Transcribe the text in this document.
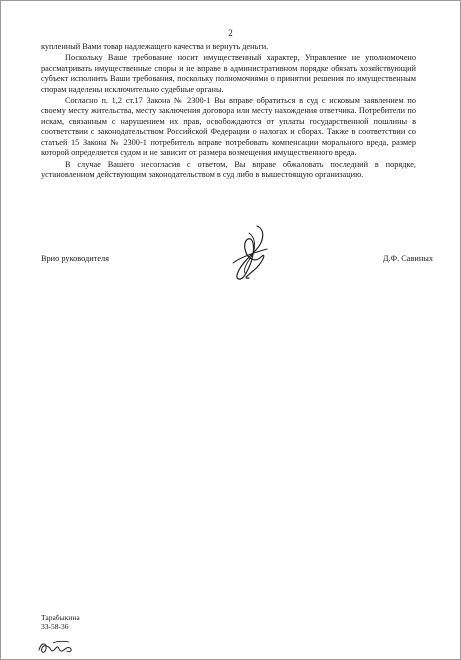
2

купленный Вами товар надлежащего качества и вернуть деньги.

Поскольку Ваше требование носит имущественный характер, Управление не уполномочено рассматривать имущественные споры и не вправе в административном порядке обязать хозяйствующий субъект исполнить Ваши требования, поскольку полномочиями о принятии решения по имущественным спорам наделены исключительно судебные органы.

Согласно п. 1,2 ст.17 Закона № 2300-1 Вы вправе обратиться в суд с исковым заявлением по своему месту жительства, месту заключения договора или месту нахождения ответчика. Потребители по искам, связанным с нарушением их прав, освобождаются от уплаты государственной пошлины в соответствии с законодательством Российской Федерации о налогах и сборах. Также в соответствии со статьей 15 Закона № 2300-1 потребитель вправе потребовать компенсации морального вреда, размер которой определяется судом и не зависит от размера возмещения имущественного вреда.

В случае Вашего несогласия с ответом, Вы вправе обжаловать последний в порядке, установленном действующим законодательством в суд либо в вышестоящую организацию.

Врио руководителя	Д.Ф. Савиных
Тарабыкина
33-58-36
